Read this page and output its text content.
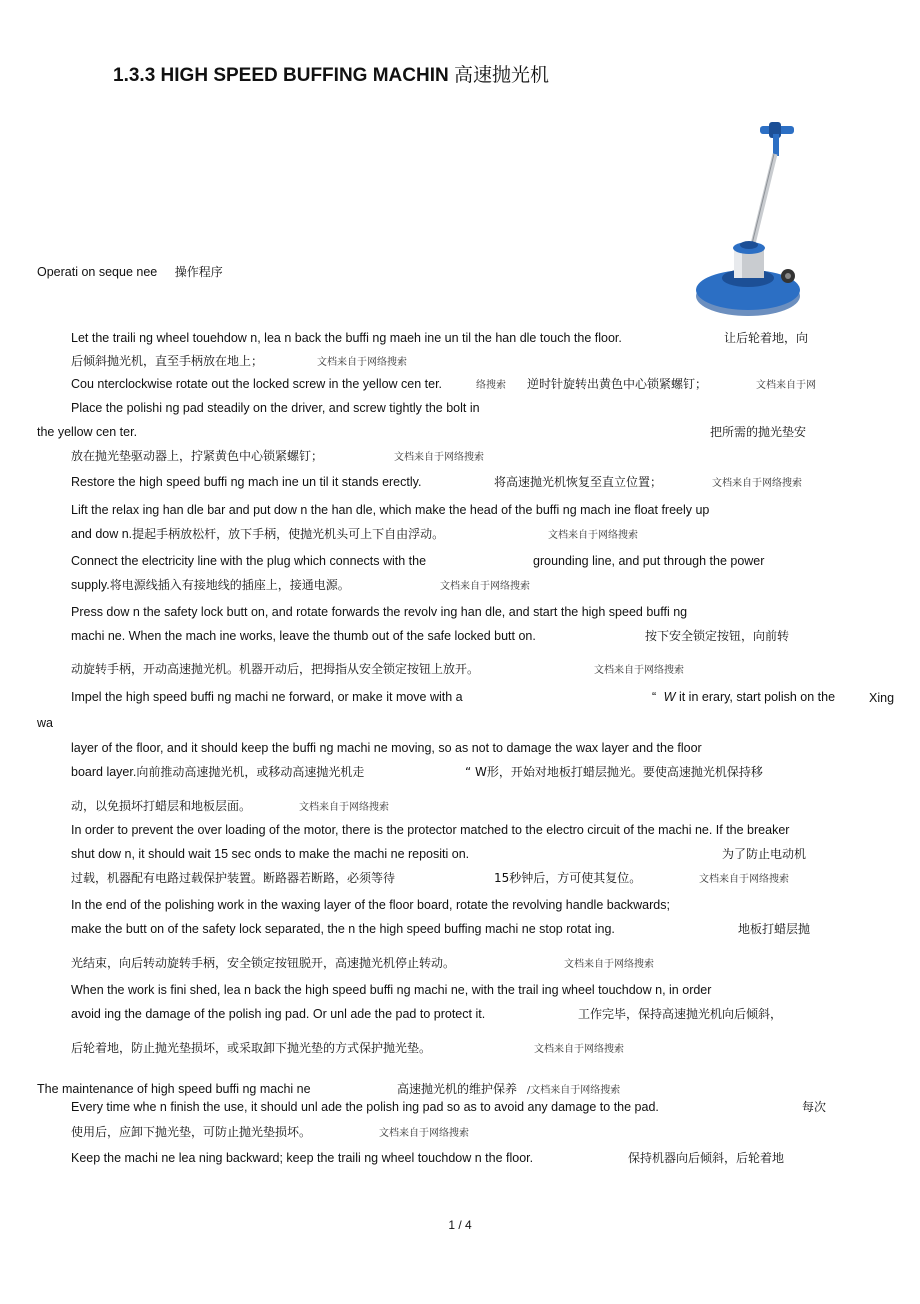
1.3.3 HIGH SPEED BUFFING MACHIN 高速抛光机
Operati on seque nee 操作程序
Let the traili ng wheel touehdow n, lea n back the buffi ng maeh ine un til the han dle touch the floor.	让后轮着地，向
后倾斜抛光机，直至手柄放在地上；	文档来自于网络搜索
Cou nterclockwise rotate out the locked screw in the yellow cen ter.	络搜索 逆时针旋转出黄色中心锁紧螺钉；	文档来自于网
Place the polishi ng pad steadily on the driver, and screw tightly the bolt in
the yellow cen ter.	把所需的抛光垫安
放在抛光垫驱动器上，拧紧黄色中心锁紧螺钉；	文档来自于网络搜索
Restore the high speed buffi ng mach ine un til it stands erectly.	将高速抛光机恢复至直立位置；	文档来自于网络搜索
Lift the relax ing han dle bar and put dow n the han dle, which make the head of the buffi ng mach ine float freely up
and dow n.提起手柄放松杆，放下手柄，使抛光机头可上下自由浮动。	文档来自于网络搜索
Connect the electricity line with the plug which connects with the	grounding line, and put through the power
supply.将电源线插入有接地线的插座上，接通电源。	文档来自于网络搜索
Press dow n the safety lock butt on, and rotate forwards the revolv ing han dle, and start the high speed buffi ng
machi ne. When the mach ine works, leave the thumb out of the safe locked butt on.	按下安全锁定按钮，向前转
动旋转手柄，开动高速抛光机。机器开动后，把拇指从安全锁定按钮上放开。	文档来自于网络搜索
Impel the high speed buffi ng machi ne forward, or make it move with a	“ W it in erary, start polish on the	Xing
wa
layer of the floor, and it should keep the buffi ng machi ne moving, so as not to damage the wax layer and the floor
board layer.向前推动高速抛光机，或移动高速抛光机走	“ W形，开始对地板打蜡层抛光。要使高速抛光机保持移
动，以免损坏打蜡层和地板层面。	文档来自于网络搜索
In order to prevent the over loading of the motor, there is the protector matched to the electro circuit of the machi ne. If the breaker
shut dow n, it should wait 15 sec onds to make the machi ne repositi on.	为了防止电动机
过载，机器配有电路过载保护装置。断路器若断路，必须等待	15秒钟后，方可使其复位。	文档来自于网络搜索
In the end of the polishing work in the waxing layer of the floor board, rotate the revolving handle backwards;
make the butt on of the safety lock separated, the n the high speed buffing machi ne stop rotat ing.	地板打蜡层抛
光结束，向后转动旋转手柄，安全锁定按钮脱开，高速抛光机停止转动。	文档来自于网络搜索
When the work is fini shed, lea n back the high speed buffi ng machi ne, with the trail ing wheel touchdow n, in order
avoid ing the damage of the polish ing pad. Or unl ade the pad to protect it.	工作完毕，保持高速抛光机向后倾斜，
后轮着地，防止抛光垫损坏，或采取卸下抛光垫的方式保护抛光垫。	文档来自于网络搜索
The maintenance of high speed buffi ng machi ne	高速抛光机的维护保养 /文档来自于网络搜索
Every time whe n finish the use, it should unl ade the polish ing pad so as to avoid any damage to the pad.	每次
使用后，应卸下抛光垫，可防止抛光垫损坏。	文档来自于网络搜索
Keep the machi ne lea ning backward; keep the traili ng wheel touchdow n the floor.	保持机器向后倾斜，后轮着地
1 / 4
